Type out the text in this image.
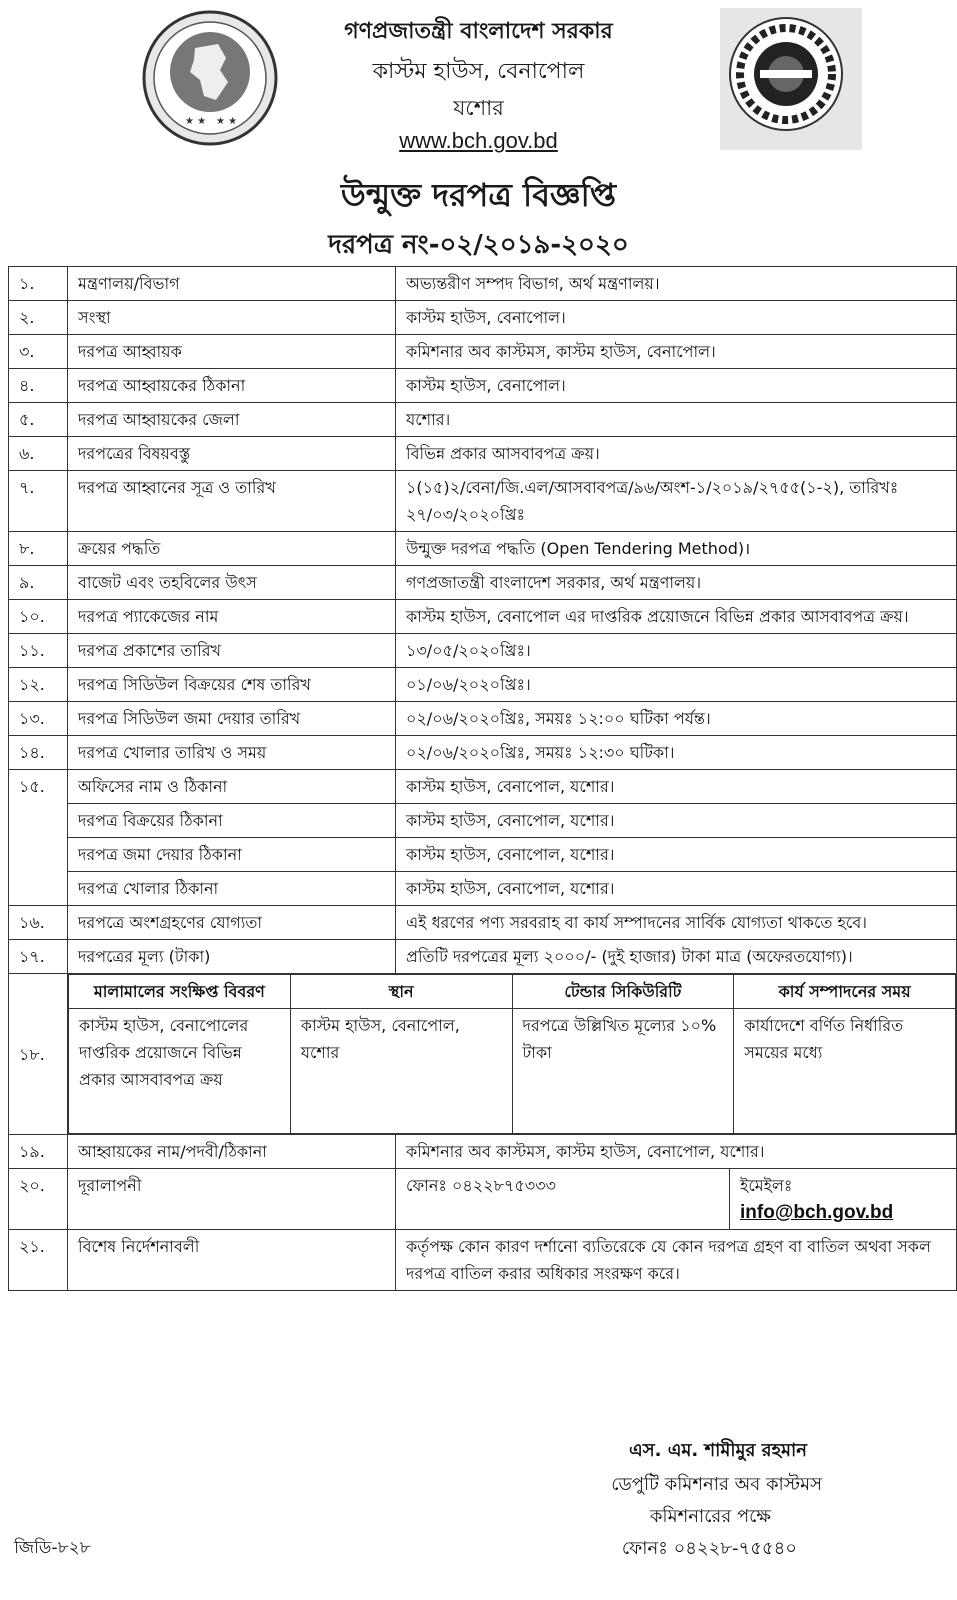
★ ★ ★ ★
গণপ্রজাতন্ত্রী বাংলাদেশ সরকার
কাস্টম হাউস, বেনাপোল
যশোর
www.bch.gov.bd
উন্মুক্ত দরপত্র বিজ্ঞপ্তি
দরপত্র নং-০২/২০১৯-২০২০
১.	মন্ত্রণালয়/বিভাগ	অভ্যন্তরীণ সম্পদ বিভাগ, অর্থ মন্ত্রণালয়।
২.	সংস্থা	কাস্টম হাউস, বেনাপোল।
৩.	দরপত্র আহ্বায়ক	কমিশনার অব কাস্টমস, কাস্টম হাউস, বেনাপোল।
৪.	দরপত্র আহ্বায়কের ঠিকানা	কাস্টম হাউস, বেনাপোল।
৫.	দরপত্র আহ্বায়কের জেলা	যশোর।
৬.	দরপত্রের বিষয়বস্তু	বিভিন্ন প্রকার আসবাবপত্র ক্রয়।
৭.	দরপত্র আহ্বানের সূত্র ও তারিখ	১(১৫)২/বেনা/জি.এল/আসবাবপত্র/৯৬/অংশ-১/২০১৯/২৭৫৫(১-২), তারিখঃ ২৭/০৩/২০২০খ্রিঃ
৮.	ক্রয়ের পদ্ধতি	উন্মুক্ত দরপত্র পদ্ধতি (Open Tendering Method)।
৯.	বাজেট এবং তহবিলের উৎস	গণপ্রজাতন্ত্রী বাংলাদেশ সরকার, অর্থ মন্ত্রণালয়।
১০.	দরপত্র প্যাকেজের নাম	কাস্টম হাউস, বেনাপোল এর দাপ্তরিক প্রয়োজনে বিভিন্ন প্রকার আসবাবপত্র ক্রয়।
১১.	দরপত্র প্রকাশের তারিখ	১৩/০৫/২০২০খ্রিঃ।
১২.	দরপত্র সিডিউল বিক্রয়ের শেষ তারিখ	০১/০৬/২০২০খ্রিঃ।
১৩.	দরপত্র সিডিউল জমা দেয়ার তারিখ	০২/০৬/২০২০খ্রিঃ, সময়ঃ ১২:০০ ঘটিকা পর্যন্ত।
১৪.	দরপত্র খোলার তারিখ ও সময়	০২/০৬/২০২০খ্রিঃ, সময়ঃ ১২:৩০ ঘটিকা।
১৫.	অফিসের নাম ও ঠিকানা	কাস্টম হাউস, বেনাপোল, যশোর।
দরপত্র বিক্রয়ের ঠিকানা	কাস্টম হাউস, বেনাপোল, যশোর।
দরপত্র জমা দেয়ার ঠিকানা	কাস্টম হাউস, বেনাপোল, যশোর।
দরপত্র খোলার ঠিকানা	কাস্টম হাউস, বেনাপোল, যশোর।
১৬.	দরপত্রে অংশগ্রহণের যোগ্যতা	এই ধরণের পণ্য সরবরাহ বা কার্য সম্পাদনের সার্বিক যোগ্যতা থাকতে হবে।
১৭.	দরপত্রের মূল্য (টাকা)	প্রতিটি দরপত্রের মূল্য ২০০০/- (দুই হাজার) টাকা মাত্র (অফেরতযোগ্য)।
১৮.	
মালামালের সংক্ষিপ্ত বিবরণ	স্থান	টেন্ডার সিকিউরিটি	কার্য সম্পাদনের সময়
কাস্টম হাউস, বেনাপোলের দাপ্তরিক প্রয়োজনে বিভিন্ন প্রকার আসবাবপত্র ক্রয়	কাস্টম হাউস, বেনাপোল, যশোর	দরপত্রে উল্লিখিত মূল্যের ১০% টাকা	কার্যাদেশে বর্ণিত নির্ধারিত সময়ের মধ্যে

১৯.	আহ্বায়কের নাম/পদবী/ঠিকানা	কমিশনার অব কাস্টমস, কাস্টম হাউস, বেনাপোল, যশোর।
২০.	দূরালাপনী	ফোনঃ ০৪২২৮৭৫৩৩৩	ইমেইলঃ info@bch.gov.bd

২১.	বিশেষ নির্দেশনাবলী	কর্তৃপক্ষ কোন কারণ দর্শানো ব্যতিরেকে যে কোন দরপত্র গ্রহণ বা বাতিল অথবা সকল দরপত্র বাতিল করার অধিকার সংরক্ষণ করে।
এস. এম. শামীমুর রহমান
ডেপুটি কমিশনার অব কাস্টমস
কমিশনারের পক্ষে
ফোনঃ ০৪২২৮-৭৫৫৪০
জিডি-৮২৮
